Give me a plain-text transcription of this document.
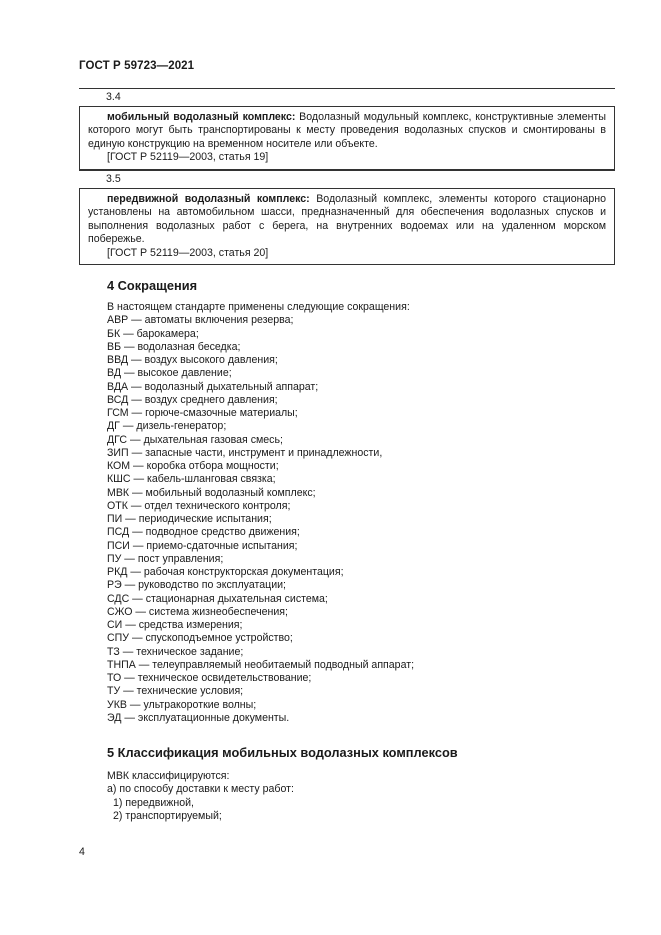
ГОСТ Р 59723—2021
3.4
мобильный водолазный комплекс: Водолазный модульный комплекс, конструктивные элементы которого могут быть транспортированы к месту проведения водолазных спусков и смонтированы в единую конструкцию на временном носителе или объекте.
[ГОСТ Р 52119—2003, статья 19]
3.5
передвижной водолазный комплекс: Водолазный комплекс, элементы которого стационарно установлены на автомобильном шасси, предназначенный для обеспечения водолазных спусков и выполнения водолазных работ с берега, на внутренних водоемах или на удаленном морском побережье.
[ГОСТ Р 52119—2003, статья 20]
4 Сокращения
В настоящем стандарте применены следующие сокращения:
АВР — автоматы включения резерва;
БК — барокамера;
ВБ — водолазная беседка;
ВВД — воздух высокого давления;
ВД — высокое давление;
ВДА — водолазный дыхательный аппарат;
ВСД — воздух среднего давления;
ГСМ — горюче-смазочные материалы;
ДГ — дизель-генератор;
ДГС — дыхательная газовая смесь;
ЗИП — запасные части, инструмент и принадлежности,
КОМ — коробка отбора мощности;
КШС — кабель-шланговая связка;
МВК — мобильный водолазный комплекс;
ОТК — отдел технического контроля;
ПИ — периодические испытания;
ПСД — подводное средство движения;
ПСИ — приемо-сдаточные испытания;
ПУ — пост управления;
РКД — рабочая конструкторская документация;
РЭ — руководство по эксплуатации;
СДС — стационарная дыхательная система;
СЖО — система жизнеобеспечения;
СИ — средства измерения;
СПУ — спускоподъемное устройство;
ТЗ — техническое задание;
ТНПА — телеуправляемый необитаемый подводный аппарат;
ТО — техническое освидетельствование;
ТУ — технические условия;
УКВ — ультракороткие волны;
ЭД — эксплуатационные документы.
5 Классификация мобильных водолазных комплексов
МВК классифицируются:
а) по способу доставки к месту работ:
1) передвижной,
2) транспортируемый;
4
